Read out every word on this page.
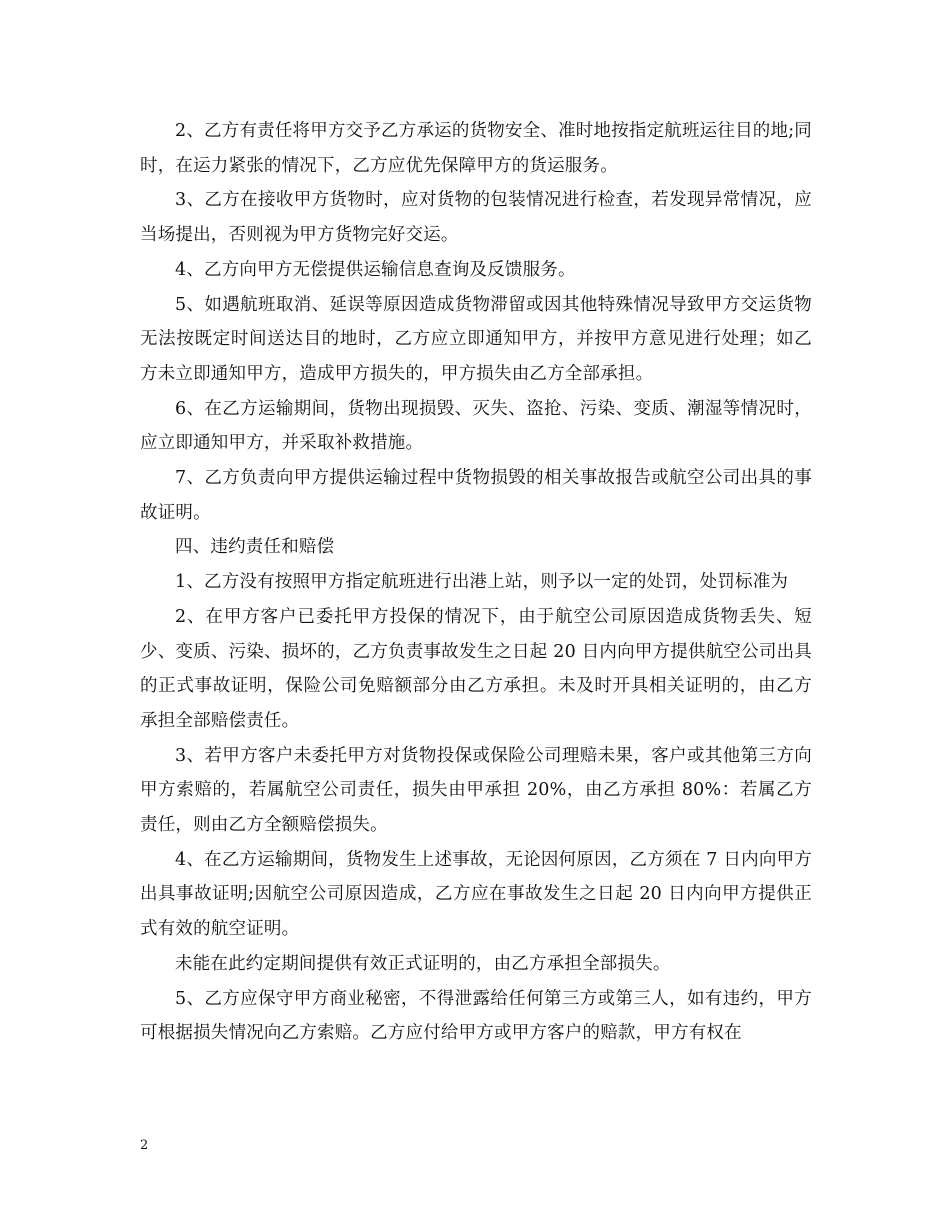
2、乙方有责任将甲方交予乙方承运的货物安全、准时地按指定航班运往目的地;同时，在运力紧张的情况下，乙方应优先保障甲方的货运服务。

3、乙方在接收甲方货物时，应对货物的包装情况进行检查，若发现异常情况，应当场提出，否则视为甲方货物完好交运。

4、乙方向甲方无偿提供运输信息查询及反馈服务。

5、如遇航班取消、延误等原因造成货物滞留或因其他特殊情况导致甲方交运货物无法按既定时间送达目的地时，乙方应立即通知甲方，并按甲方意见进行处理；如乙方未立即通知甲方，造成甲方损失的，甲方损失由乙方全部承担。

6、在乙方运输期间，货物出现损毁、灭失、盗抢、污染、变质、潮湿等情况时，应立即通知甲方，并采取补救措施。

7、乙方负责向甲方提供运输过程中货物损毁的相关事故报告或航空公司出具的事故证明。

四、违约责任和赔偿

1、乙方没有按照甲方指定航班进行出港上站，则予以一定的处罚，处罚标准为

2、在甲方客户已委托甲方投保的情况下，由于航空公司原因造成货物丢失、短少、变质、污染、损坏的，乙方负责事故发生之日起 20 日内向甲方提供航空公司出具的正式事故证明，保险公司免赔额部分由乙方承担。未及时开具相关证明的，由乙方承担全部赔偿责任。

3、若甲方客户未委托甲方对货物投保或保险公司理赔未果，客户或其他第三方向甲方索赔的，若属航空公司责任，损失由甲承担 20%，由乙方承担 80%：若属乙方责任，则由乙方全额赔偿损失。

4、在乙方运输期间，货物发生上述事故，无论因何原因，乙方须在 7 日内向甲方出具事故证明;因航空公司原因造成，乙方应在事故发生之日起 20 日内向甲方提供正式有效的航空证明。

未能在此约定期间提供有效正式证明的，由乙方承担全部损失。

5、乙方应保守甲方商业秘密，不得泄露给任何第三方或第三人，如有违约，甲方可根据损失情况向乙方索赔。乙方应付给甲方或甲方客户的赔款，甲方有权在

2
